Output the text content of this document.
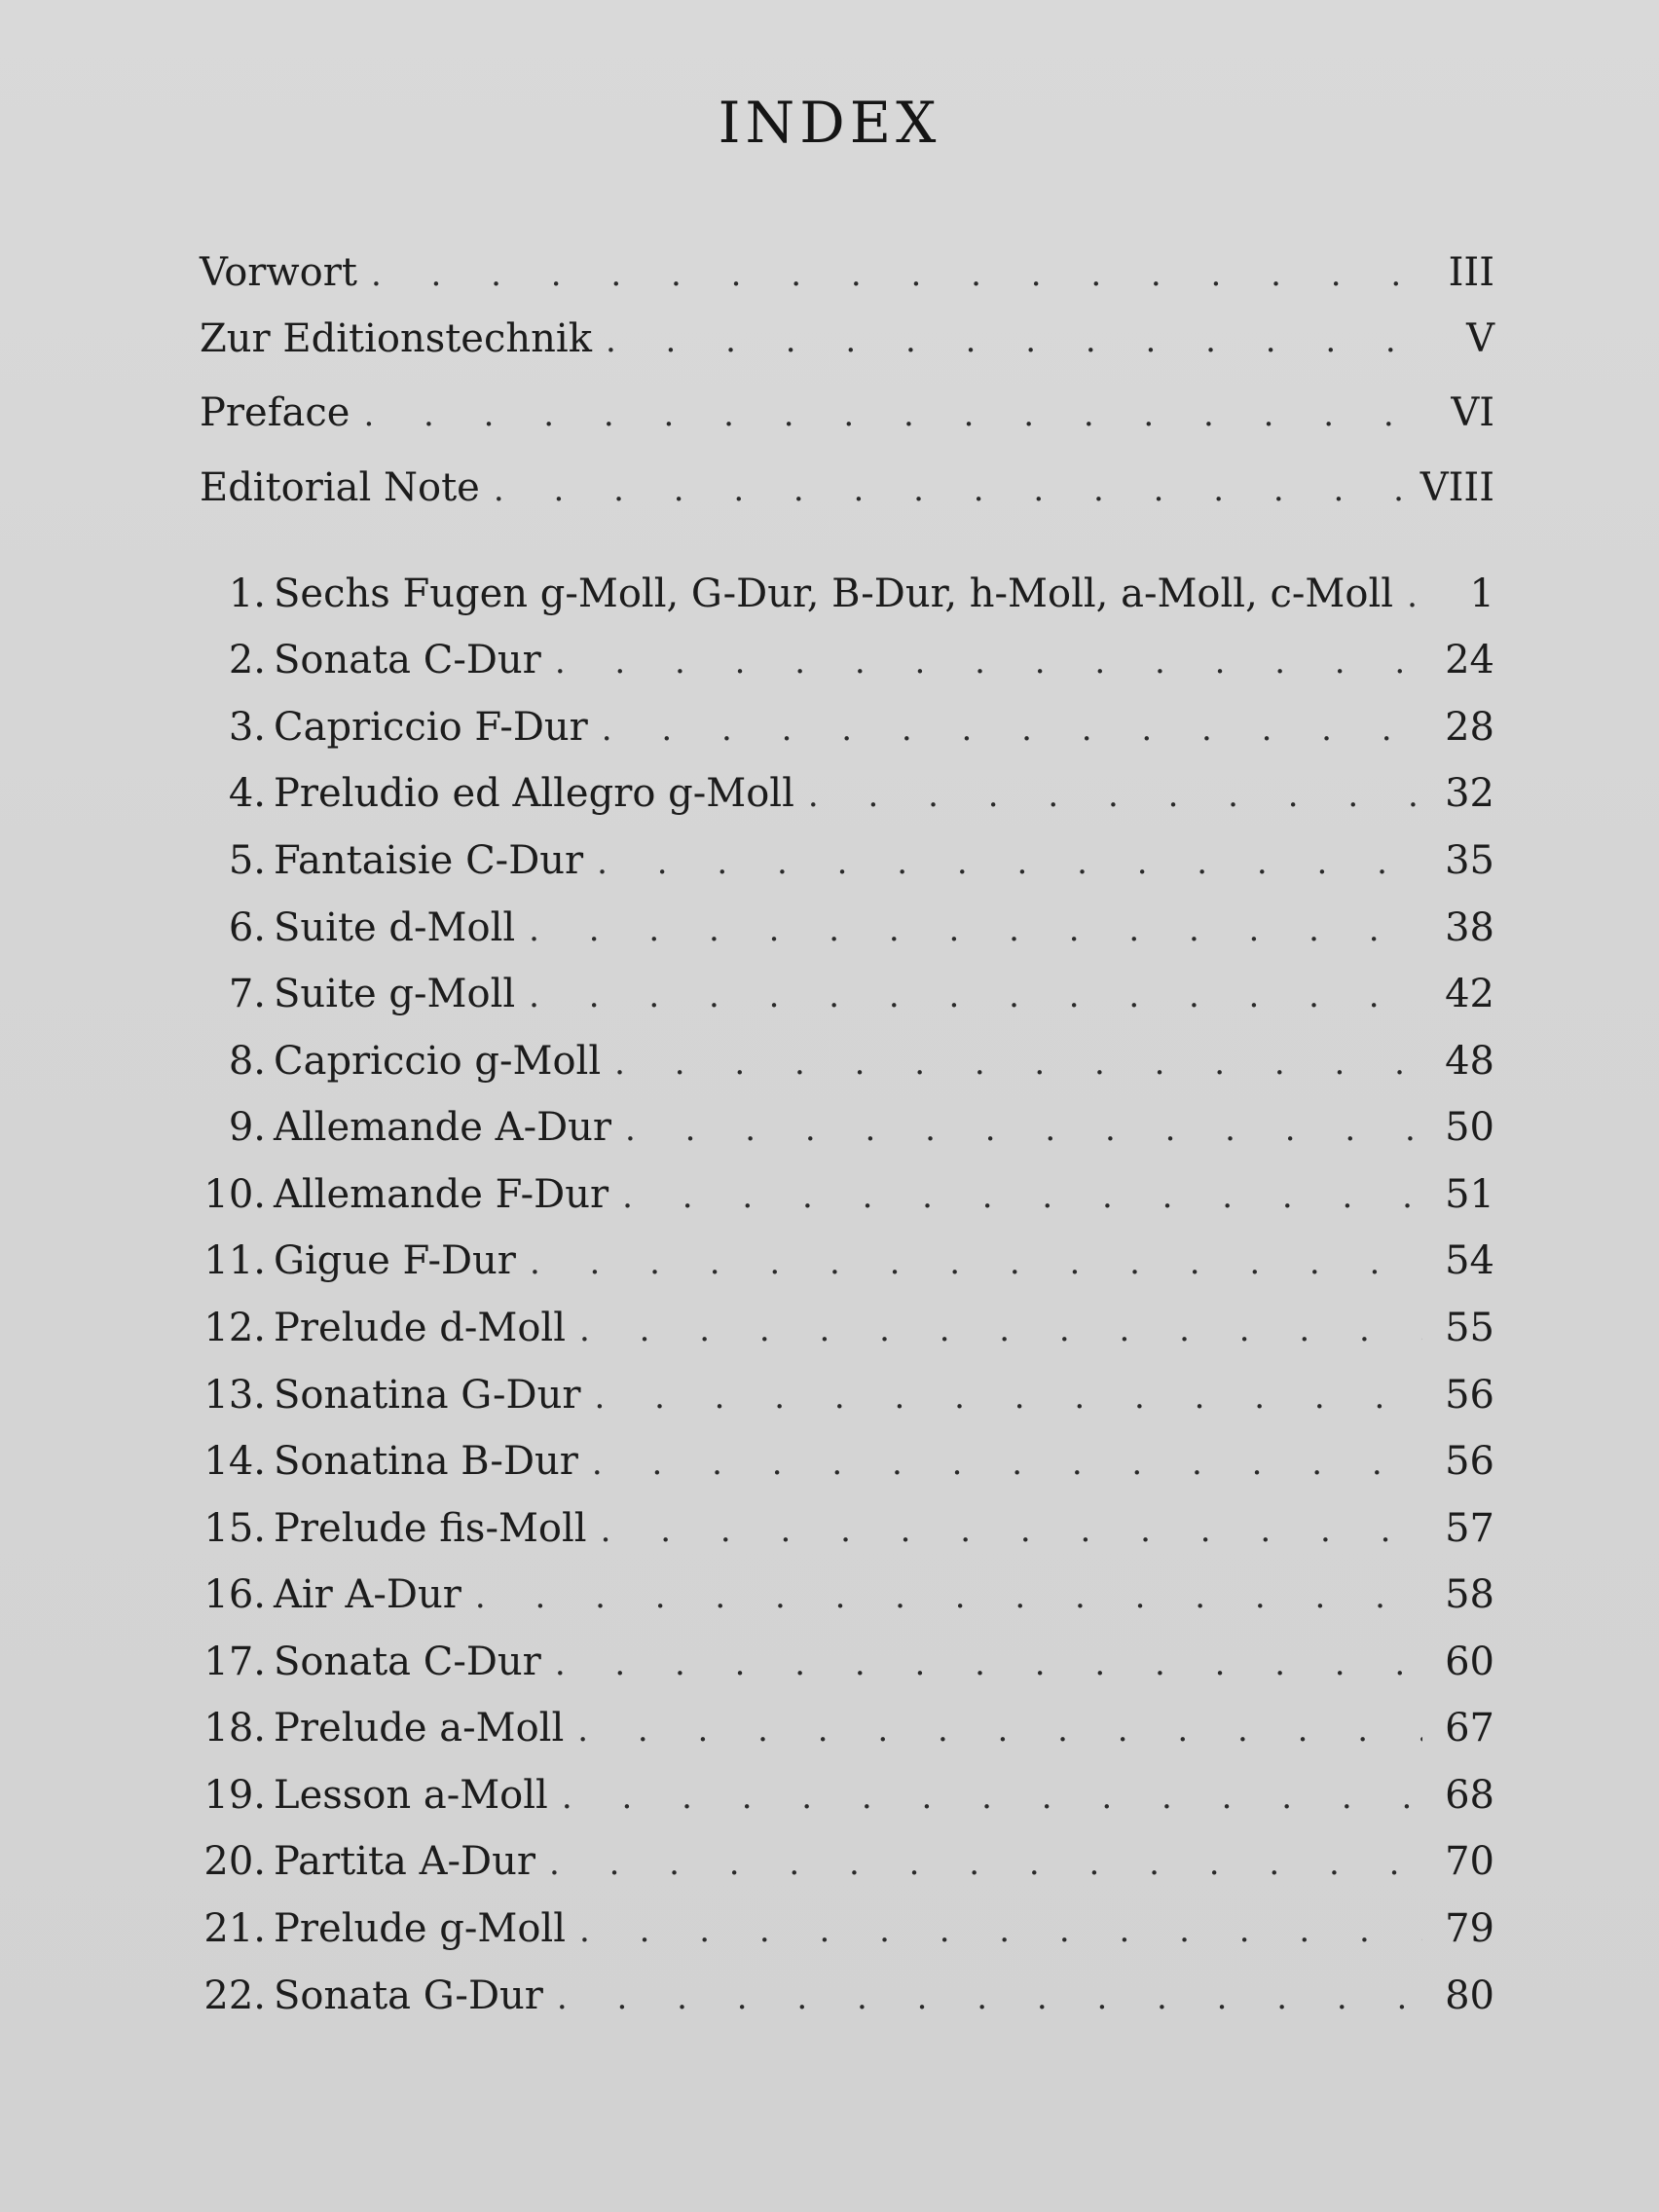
INDEX
Vorwort . . .	III
Zur Editionstechnik . . .	V
Preface . . .	VI
Editorial Note . . .	VIII
1. Sechs Fugen g-Moll, G-Dur, B-Dur, h-Moll, a-Moll, c-Moll . . .	1
2. Sonata C-Dur . . .	24
3. Capriccio F-Dur . . .	28
4. Preludio ed Allegro g-Moll . . .	32
5. Fantaisie C-Dur . . .	35
6. Suite d-Moll . . .	38
7. Suite g-Moll . . .	42
8. Capriccio g-Moll . . .	48
9. Allemande A-Dur . . .	50
10. Allemande F-Dur . . .	51
11. Gigue F-Dur . . .	54
12. Prelude d-Moll . . .	55
13. Sonatina G-Dur . . .	56
14. Sonatina B-Dur . . .	56
15. Prelude fis-Moll . . .	57
16. Air A-Dur . . .	58
17. Sonata C-Dur . . .	60
18. Prelude a-Moll . . .	67
19. Lesson a-Moll . . .	68
20. Partita A-Dur . . .	70
21. Prelude g-Moll . . .	79
22. Sonata G-Dur . . .	80
